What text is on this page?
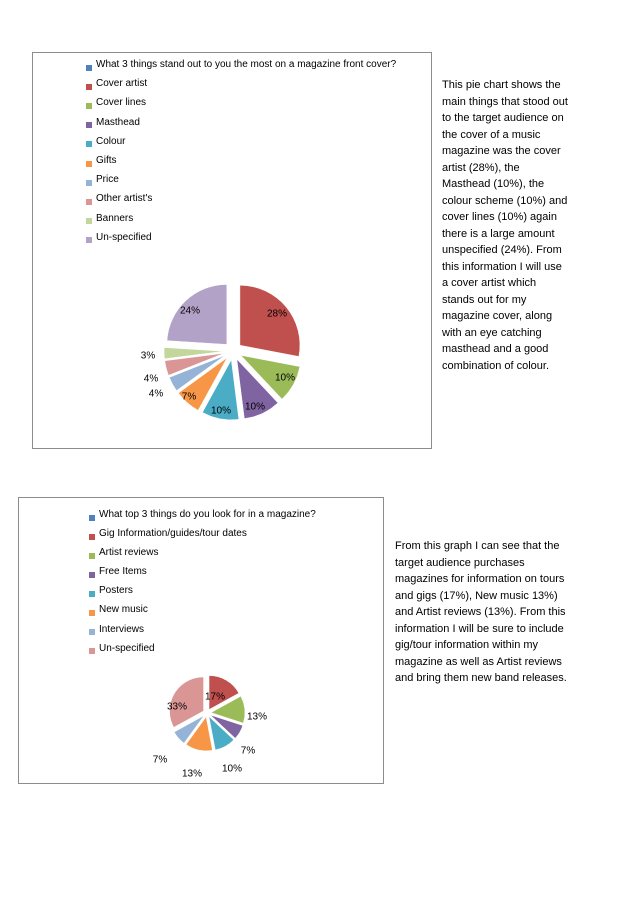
What 3 things stand out to you the most on a magazine front cover?
Cover artist
Cover lines
Masthead
Colour
Gifts
Price
Other artist's
Banners
Un-specified
28%
10%
10%
10%
7%
4%
4%
3%
24%
What top 3 things do you look for in a magazine?
Gig Information/guides/tour dates
Artist reviews
Free Items
Posters
New music
Interviews
Un-specified
17%
13%
7%
10%
13%
7%
33%

This pie chart shows the main things that stood out to the target audience on the cover of a music magazine was the cover artist (28%), the Masthead (10%), the colour scheme (10%) and cover lines (10%) again there is a large amount unspecified (24%). From this information I will use a cover artist which stands out for my magazine cover, along with an eye catching masthead and a good combination of colour.

From this graph I can see that the target audience purchases magazines for information on tours and gigs (17%), New music 13%) and Artist reviews (13%). From this information I will be sure to include gig/tour information within my magazine as well as Artist reviews and bring them new band releases.
